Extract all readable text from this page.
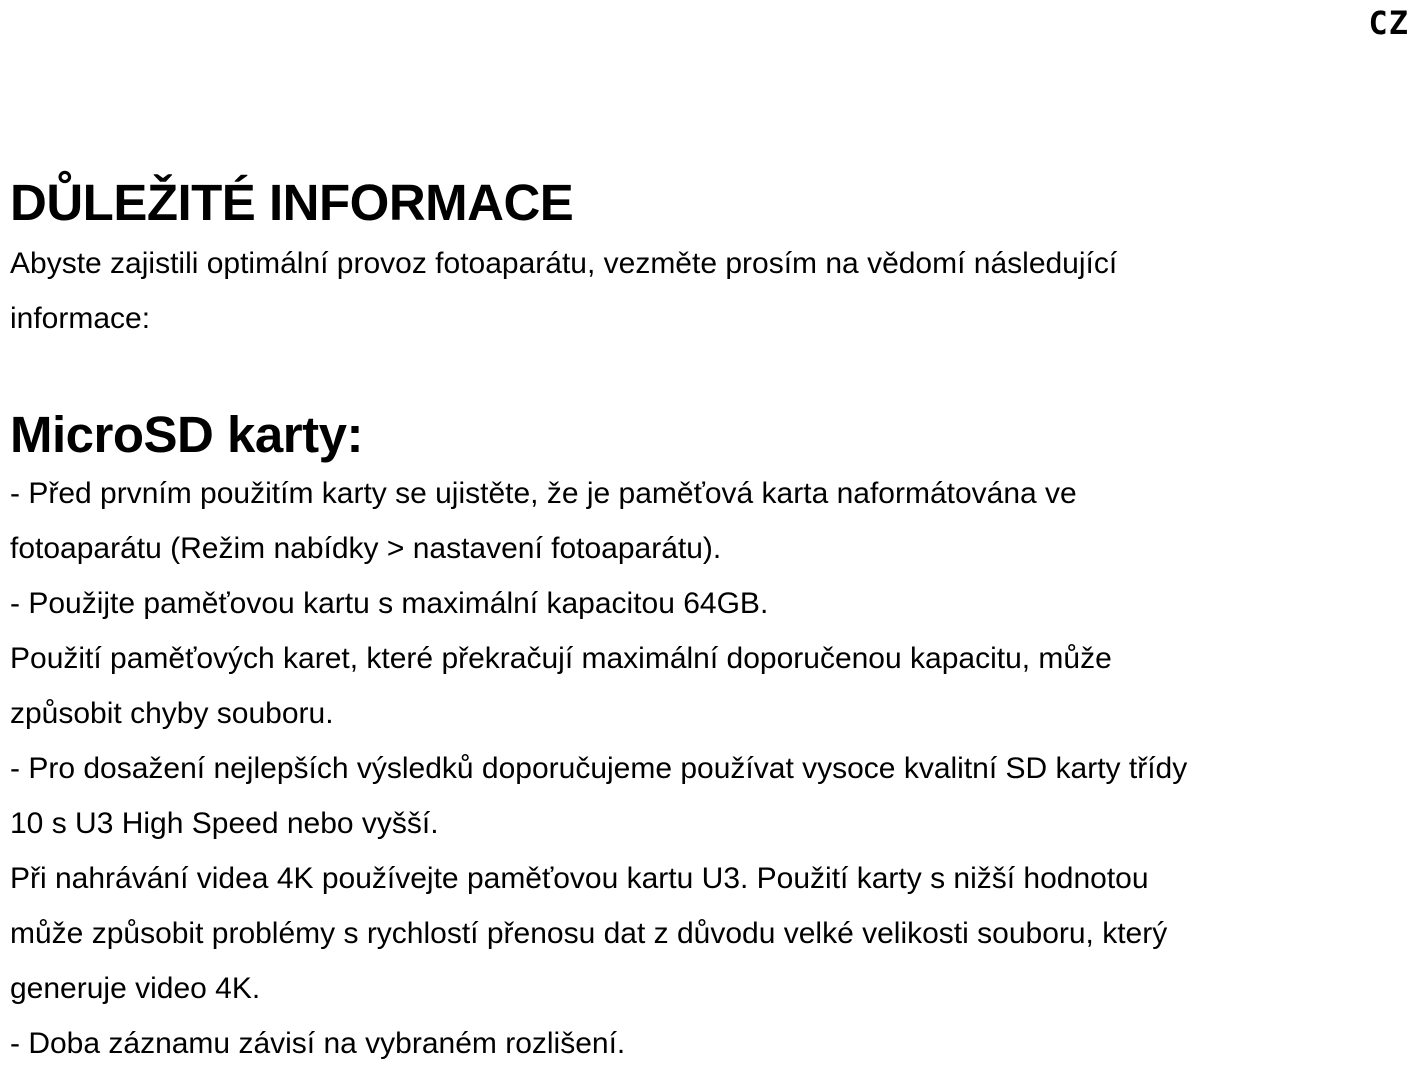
CZ
DŮLEŽITÉ INFORMACE

Abyste zajistili optimální provoz fotoaparátu, vezměte prosím na vědomí následující

informace:

MicroSD karty:
- Před prvním použitím karty se ujistěte, že je paměťová karta naformátována ve
fotoaparátu (Režim nabídky > nastavení fotoaparátu).
- Použijte paměťovou kartu s maximální kapacitou 64GB.
Použití paměťových karet, které překračují maximální doporučenou kapacitu, může
způsobit chyby souboru.
- Pro dosažení nejlepších výsledků doporučujeme používat vysoce kvalitní SD karty třídy
10 s U3 High Speed nebo vyšší.
Při nahrávání videa 4K používejte paměťovou kartu U3. Použití karty s nižší hodnotou
může způsobit problémy s rychlostí přenosu dat z důvodu velké velikosti souboru, který
generuje video 4K.
- Doba záznamu závisí na vybraném rozlišení.
